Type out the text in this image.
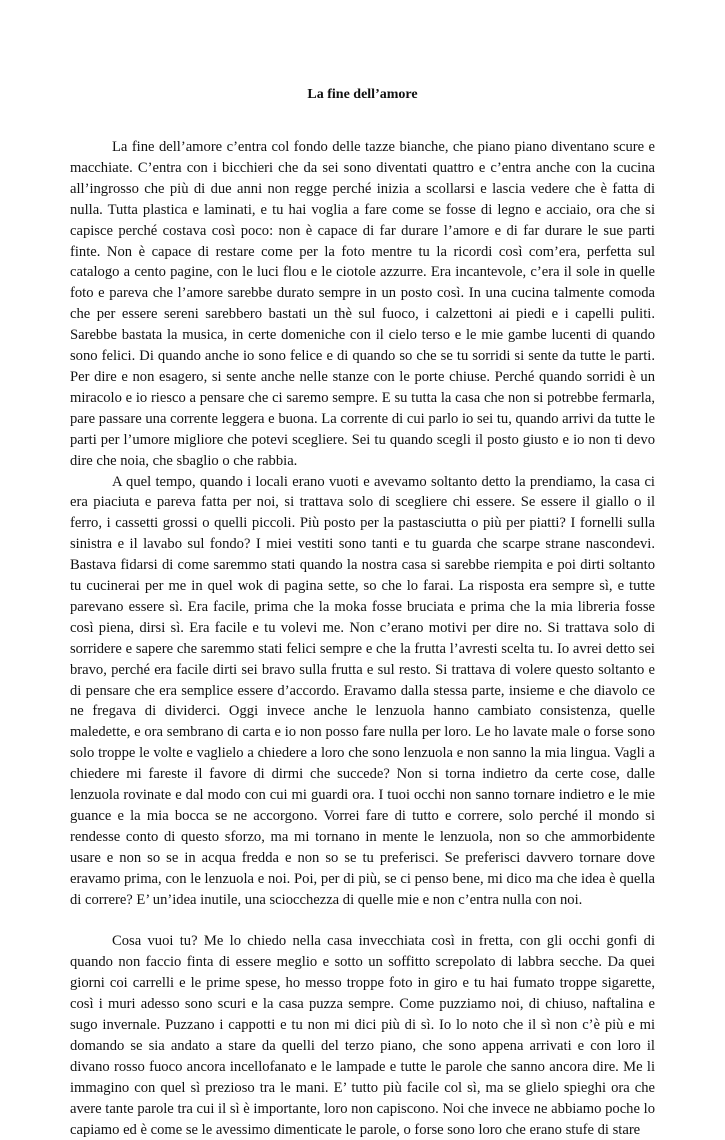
La fine dell’amore

La fine dell’amore c’entra col fondo delle tazze bianche, che piano piano diventano scure e macchiate. C’entra con i bicchieri che da sei sono diventati quattro e c’entra anche con la cucina all’ingrosso che più di due anni non regge perché inizia a scollarsi e lascia vedere che è fatta di nulla. Tutta plastica e laminati, e tu hai voglia a fare come se fosse di legno e acciaio, ora che si capisce perché costava così poco: non è capace di far durare l’amore e di far durare le sue parti finte. Non è capace di restare come per la foto mentre tu la ricordi così com’era, perfetta sul catalogo a cento pagine, con le luci flou e le ciotole azzurre. Era incantevole, c’era il sole in quelle foto e pareva che l’amore sarebbe durato sempre in un posto così. In una cucina talmente comoda che per essere sereni sarebbero bastati un thè sul fuoco, i calzettoni ai piedi e i capelli puliti. Sarebbe bastata la musica, in certe domeniche con il cielo terso e le mie gambe lucenti di quando sono felici. Di quando anche io sono felice e di quando so che se tu sorridi si sente da tutte le parti. Per dire e non esagero, si sente anche nelle stanze con le porte chiuse. Perché quando sorridi è un miracolo e io riesco a pensare che ci saremo sempre. E su tutta la casa che non si potrebbe fermarla, pare passare una corrente leggera e buona. La corrente di cui parlo io sei tu, quando arrivi da tutte le parti per l’umore migliore che potevi scegliere. Sei tu quando scegli il posto giusto e io non ti devo dire che noia, che sbaglio o che rabbia.

A quel tempo, quando i locali erano vuoti e avevamo soltanto detto la prendiamo, la casa ci era piaciuta e pareva fatta per noi, si trattava solo di scegliere chi essere. Se essere il giallo o il ferro, i cassetti grossi o quelli piccoli. Più posto per la pastasciutta o più per piatti? I fornelli sulla sinistra e il lavabo sul fondo? I miei vestiti sono tanti e tu guarda che scarpe strane nascondevi. Bastava fidarsi di come saremmo stati quando la nostra casa si sarebbe riempita e poi dirti soltanto tu cucinerai per me in quel wok di pagina sette, so che lo farai. La risposta era sempre sì, e tutte parevano essere sì. Era facile, prima che la moka fosse bruciata e prima che la mia libreria fosse così piena, dirsi sì. Era facile e tu volevi me. Non c’erano motivi per dire no. Si trattava solo di sorridere e sapere che saremmo stati felici sempre e che la frutta l’avresti scelta tu. Io avrei detto sei bravo, perché era facile dirti sei bravo sulla frutta e sul resto. Si trattava di volere questo soltanto e di pensare che era semplice essere d’accordo. Eravamo dalla stessa parte, insieme e che diavolo ce ne fregava di dividerci. Oggi invece anche le lenzuola hanno cambiato consistenza, quelle maledette, e ora sembrano di carta e io non posso fare nulla per loro. Le ho lavate male o forse sono solo troppe le volte e vaglielo a chiedere a loro che sono lenzuola e non sanno la mia lingua. Vagli a chiedere mi fareste il favore di dirmi che succede? Non si torna indietro da certe cose, dalle lenzuola rovinate e dal modo con cui mi guardi ora. I tuoi occhi non sanno tornare indietro e le mie guance e la mia bocca se ne accorgono. Vorrei fare di tutto e correre, solo perché il mondo si rendesse conto di questo sforzo, ma mi tornano in mente le lenzuola, non so che ammorbidente usare e non so se in acqua fredda e non so se tu preferisci. Se preferisci davvero tornare dove eravamo prima, con le lenzuola e noi. Poi, per di più, se ci penso bene, mi dico ma che idea è quella di correre? E’ un’idea inutile, una sciocchezza di quelle mie e non c’entra nulla con noi.

Cosa vuoi tu? Me lo chiedo nella casa invecchiata così in fretta, con gli occhi gonfi di quando non faccio finta di essere meglio e sotto un soffitto screpolato di labbra secche. Da quei giorni coi carrelli e le prime spese, ho messo troppe foto in giro e tu hai fumato troppe sigarette, così i muri adesso sono scuri e la casa puzza sempre. Come puzziamo noi, di chiuso, naftalina e sugo invernale. Puzzano i cappotti e tu non mi dici più di sì. Io lo noto che il sì non c’è più e mi domando se sia andato a stare da quelli del terzo piano, che sono appena arrivati e con loro il divano rosso fuoco ancora incellofanato e le lampade e tutte le parole che sanno ancora dire. Me li immagino con quel sì prezioso tra le mani. E’ tutto più facile col sì, ma se glielo spieghi ora che avere tante parole tra cui il sì è importante, loro non capiscono. Noi che invece ne abbiamo poche lo capiamo ed è come se le avessimo dimenticate le parole, o forse sono loro che erano stufe di stare
